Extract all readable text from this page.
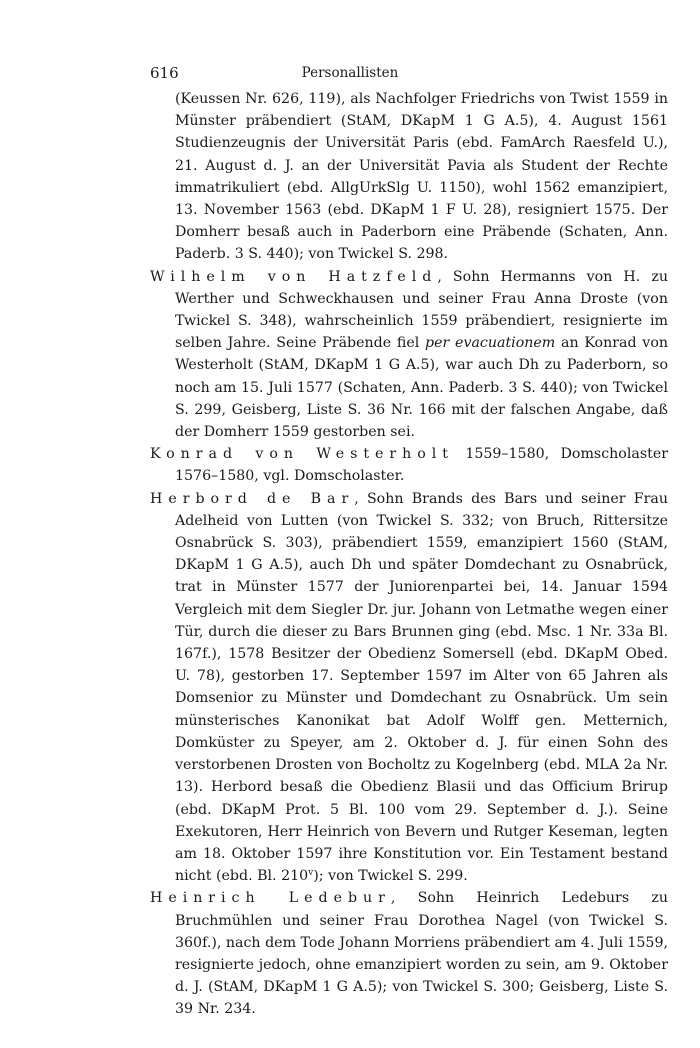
616	Personallisten

(Keussen Nr. 626, 119), als Nachfolger Friedrichs von Twist 1559 in Münster präbendiert (StAM, DKapM 1 G A.5), 4. August 1561 Studienzeugnis der Universität Paris (ebd. FamArch Raesfeld U.), 21. August d. J. an der Universität Pavia als Student der Rechte immatrikuliert (ebd. AllgUrkSlg U. 1150), wohl 1562 emanzipiert, 13. November 1563 (ebd. DKapM 1 F U. 28), resigniert 1575. Der Domherr besaß auch in Paderborn eine Präbende (Schaten, Ann. Paderb. 3 S. 440); von Twickel S. 298.

Wilhelm von Hatzfeld, Sohn Hermanns von H. zu Werther und Schweckhausen und seiner Frau Anna Droste (von Twickel S. 348), wahrscheinlich 1559 präbendiert, resignierte im selben Jahre. Seine Präbende fiel per evacuationem an Konrad von Westerholt (StAM, DKapM 1 G A.5), war auch Dh zu Paderborn, so noch am 15. Juli 1577 (Schaten, Ann. Paderb. 3 S. 440); von Twickel S. 299, Geisberg, Liste S. 36 Nr. 166 mit der falschen Angabe, daß der Domherr 1559 gestorben sei.

Konrad von Westerholt 1559–1580, Domscholaster 1576–1580, vgl. Domscholaster.

Herbord de Bar, Sohn Brands des Bars und seiner Frau Adelheid von Lutten (von Twickel S. 332; von Bruch, Rittersitze Osnabrück S. 303), präbendiert 1559, emanzipiert 1560 (StAM, DKapM 1 G A.5), auch Dh und später Domdechant zu Osnabrück, trat in Münster 1577 der Juniorenpartei bei, 14. Januar 1594 Vergleich mit dem Siegler Dr. jur. Johann von Letmathe wegen einer Tür, durch die dieser zu Bars Brunnen ging (ebd. Msc. 1 Nr. 33a Bl. 167f.), 1578 Besitzer der Obedienz Somersell (ebd. DKapM Obed. U. 78), gestorben 17. September 1597 im Alter von 65 Jahren als Domsenior zu Münster und Domdechant zu Osnabrück. Um sein münsterisches Kanonikat bat Adolf Wolff gen. Metternich, Domküster zu Speyer, am 2. Oktober d. J. für einen Sohn des verstorbenen Drosten von Bocholtz zu Kogelnberg (ebd. MLA 2a Nr. 13). Herbord besaß die Obedienz Blasii und das Officium Brirup (ebd. DKapM Prot. 5 Bl. 100 vom 29. September d. J.). Seine Exekutoren, Herr Heinrich von Bevern und Rutger Keseman, legten am 18. Oktober 1597 ihre Konstitution vor. Ein Testament bestand nicht (ebd. Bl. 210$^v$); von Twickel S. 299.

Heinrich Ledebur, Sohn Heinrich Ledeburs zu Bruchmühlen und seiner Frau Dorothea Nagel (von Twickel S. 360f.), nach dem Tode Johann Morriens präbendiert am 4. Juli 1559, resignierte jedoch, ohne emanzipiert worden zu sein, am 9. Oktober d. J. (StAM, DKapM 1 G A.5); von Twickel S. 300; Geisberg, Liste S. 39 Nr. 234.
